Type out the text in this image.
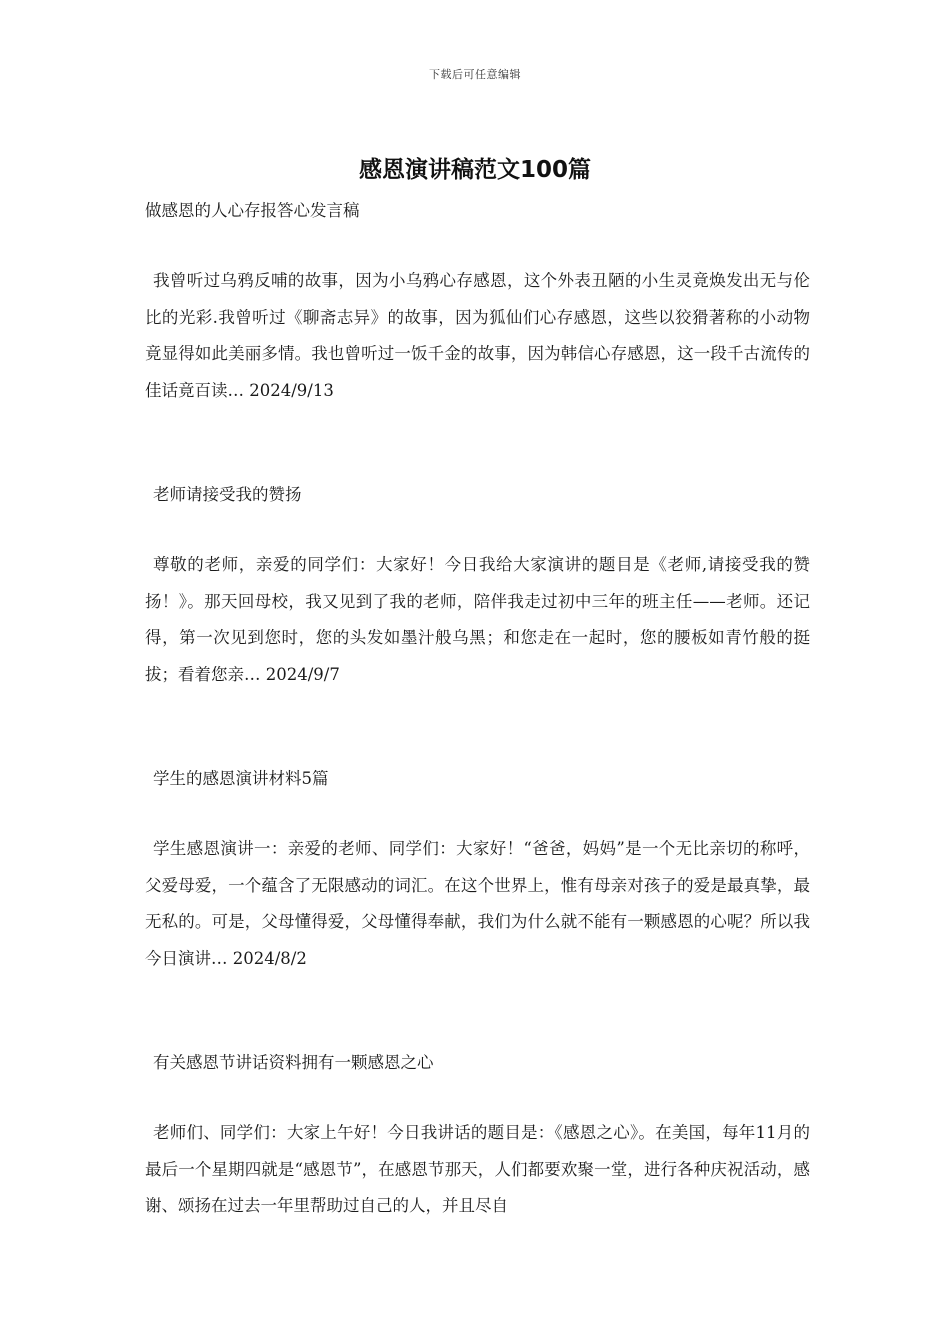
下载后可任意编辑
感恩演讲稿范文100篇

做感恩的人心存报答心发言稿

我曾听过乌鸦反哺的故事，因为小乌鸦心存感恩，这个外表丑陋的小生灵竟焕发出无与伦比的光彩.我曾听过《聊斋志异》的故事，因为狐仙们心存感恩，这些以狡猾著称的小动物竟显得如此美丽多情。我也曾听过一饭千金的故事，因为韩信心存感恩，这一段千古流传的佳话竟百读… 2024/9/13

老师请接受我的赞扬

尊敬的老师，亲爱的同学们：大家好！今日我给大家演讲的题目是《老师,请接受我的赞扬！》。那天回母校，我又见到了我的老师，陪伴我走过初中三年的班主任——老师。还记得，第一次见到您时，您的头发如墨汁般乌黑；和您走在一起时，您的腰板如青竹般的挺拔；看着您亲… 2024/9/7

学生的感恩演讲材料5篇

学生感恩演讲一：亲爱的老师、同学们：大家好！“爸爸，妈妈”是一个无比亲切的称呼，父爱母爱，一个蕴含了无限感动的词汇。在这个世界上，惟有母亲对孩子的爱是最真挚，最无私的。可是，父母懂得爱，父母懂得奉献，我们为什么就不能有一颗感恩的心呢？所以我今日演讲… 2024/8/2

有关感恩节讲话资料拥有一颗感恩之心

老师们、同学们：大家上午好！今日我讲话的题目是：《感恩之心》。在美国，每年11月的最后一个星期四就是“感恩节”，在感恩节那天，人们都要欢聚一堂，进行各种庆祝活动，感谢、颂扬在过去一年里帮助过自己的人，并且尽自
